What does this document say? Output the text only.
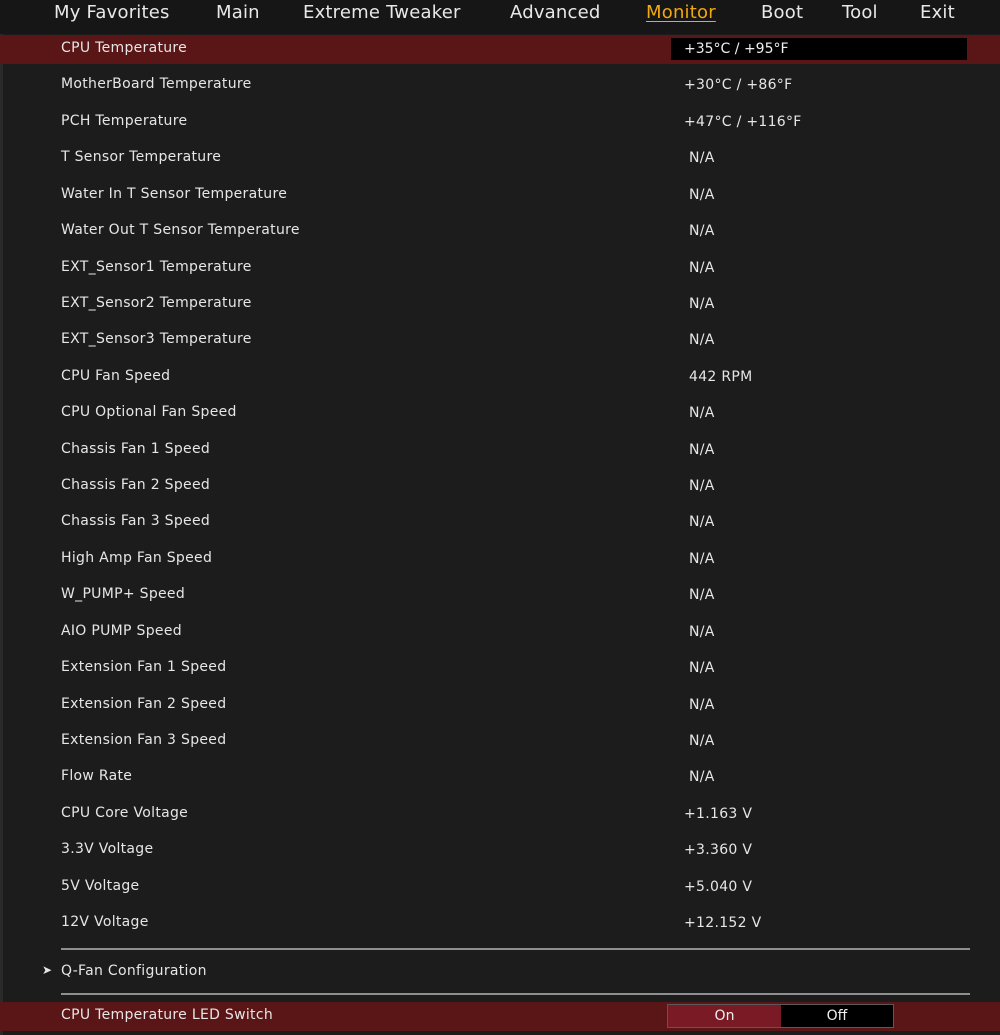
My Favorites	Main Extreme Tweaker	Advanced	Monitor	Boot Tool Exit
CPU Temperature	+35°C / +95°F
MotherBoard Temperature	+30°C / +86°F
PCH Temperature	+47°C / +116°F
T Sensor Temperature	N/A
Water In T Sensor Temperature	N/A
Water Out T Sensor Temperature	N/A
EXT_Sensor1 Temperature	N/A
EXT_Sensor2 Temperature	N/A
EXT_Sensor3 Temperature	N/A
CPU Fan Speed	442 RPM
CPU Optional Fan Speed	N/A
Chassis Fan 1 Speed	N/A
Chassis Fan 2 Speed	N/A
Chassis Fan 3 Speed	N/A
High Amp Fan Speed	N/A
W_PUMP+ Speed	N/A
AIO PUMP Speed	N/A
Extension Fan 1 Speed	N/A
Extension Fan 2 Speed	N/A
Extension Fan 3 Speed	N/A
Flow Rate	N/A
CPU Core Voltage	+1.163 V
3.3V Voltage	+3.360 V
5V Voltage	+5.040 V
12V Voltage	+12.152 V
➤ Q-Fan Configuration
CPU Temperature LED Switch	On	Off
